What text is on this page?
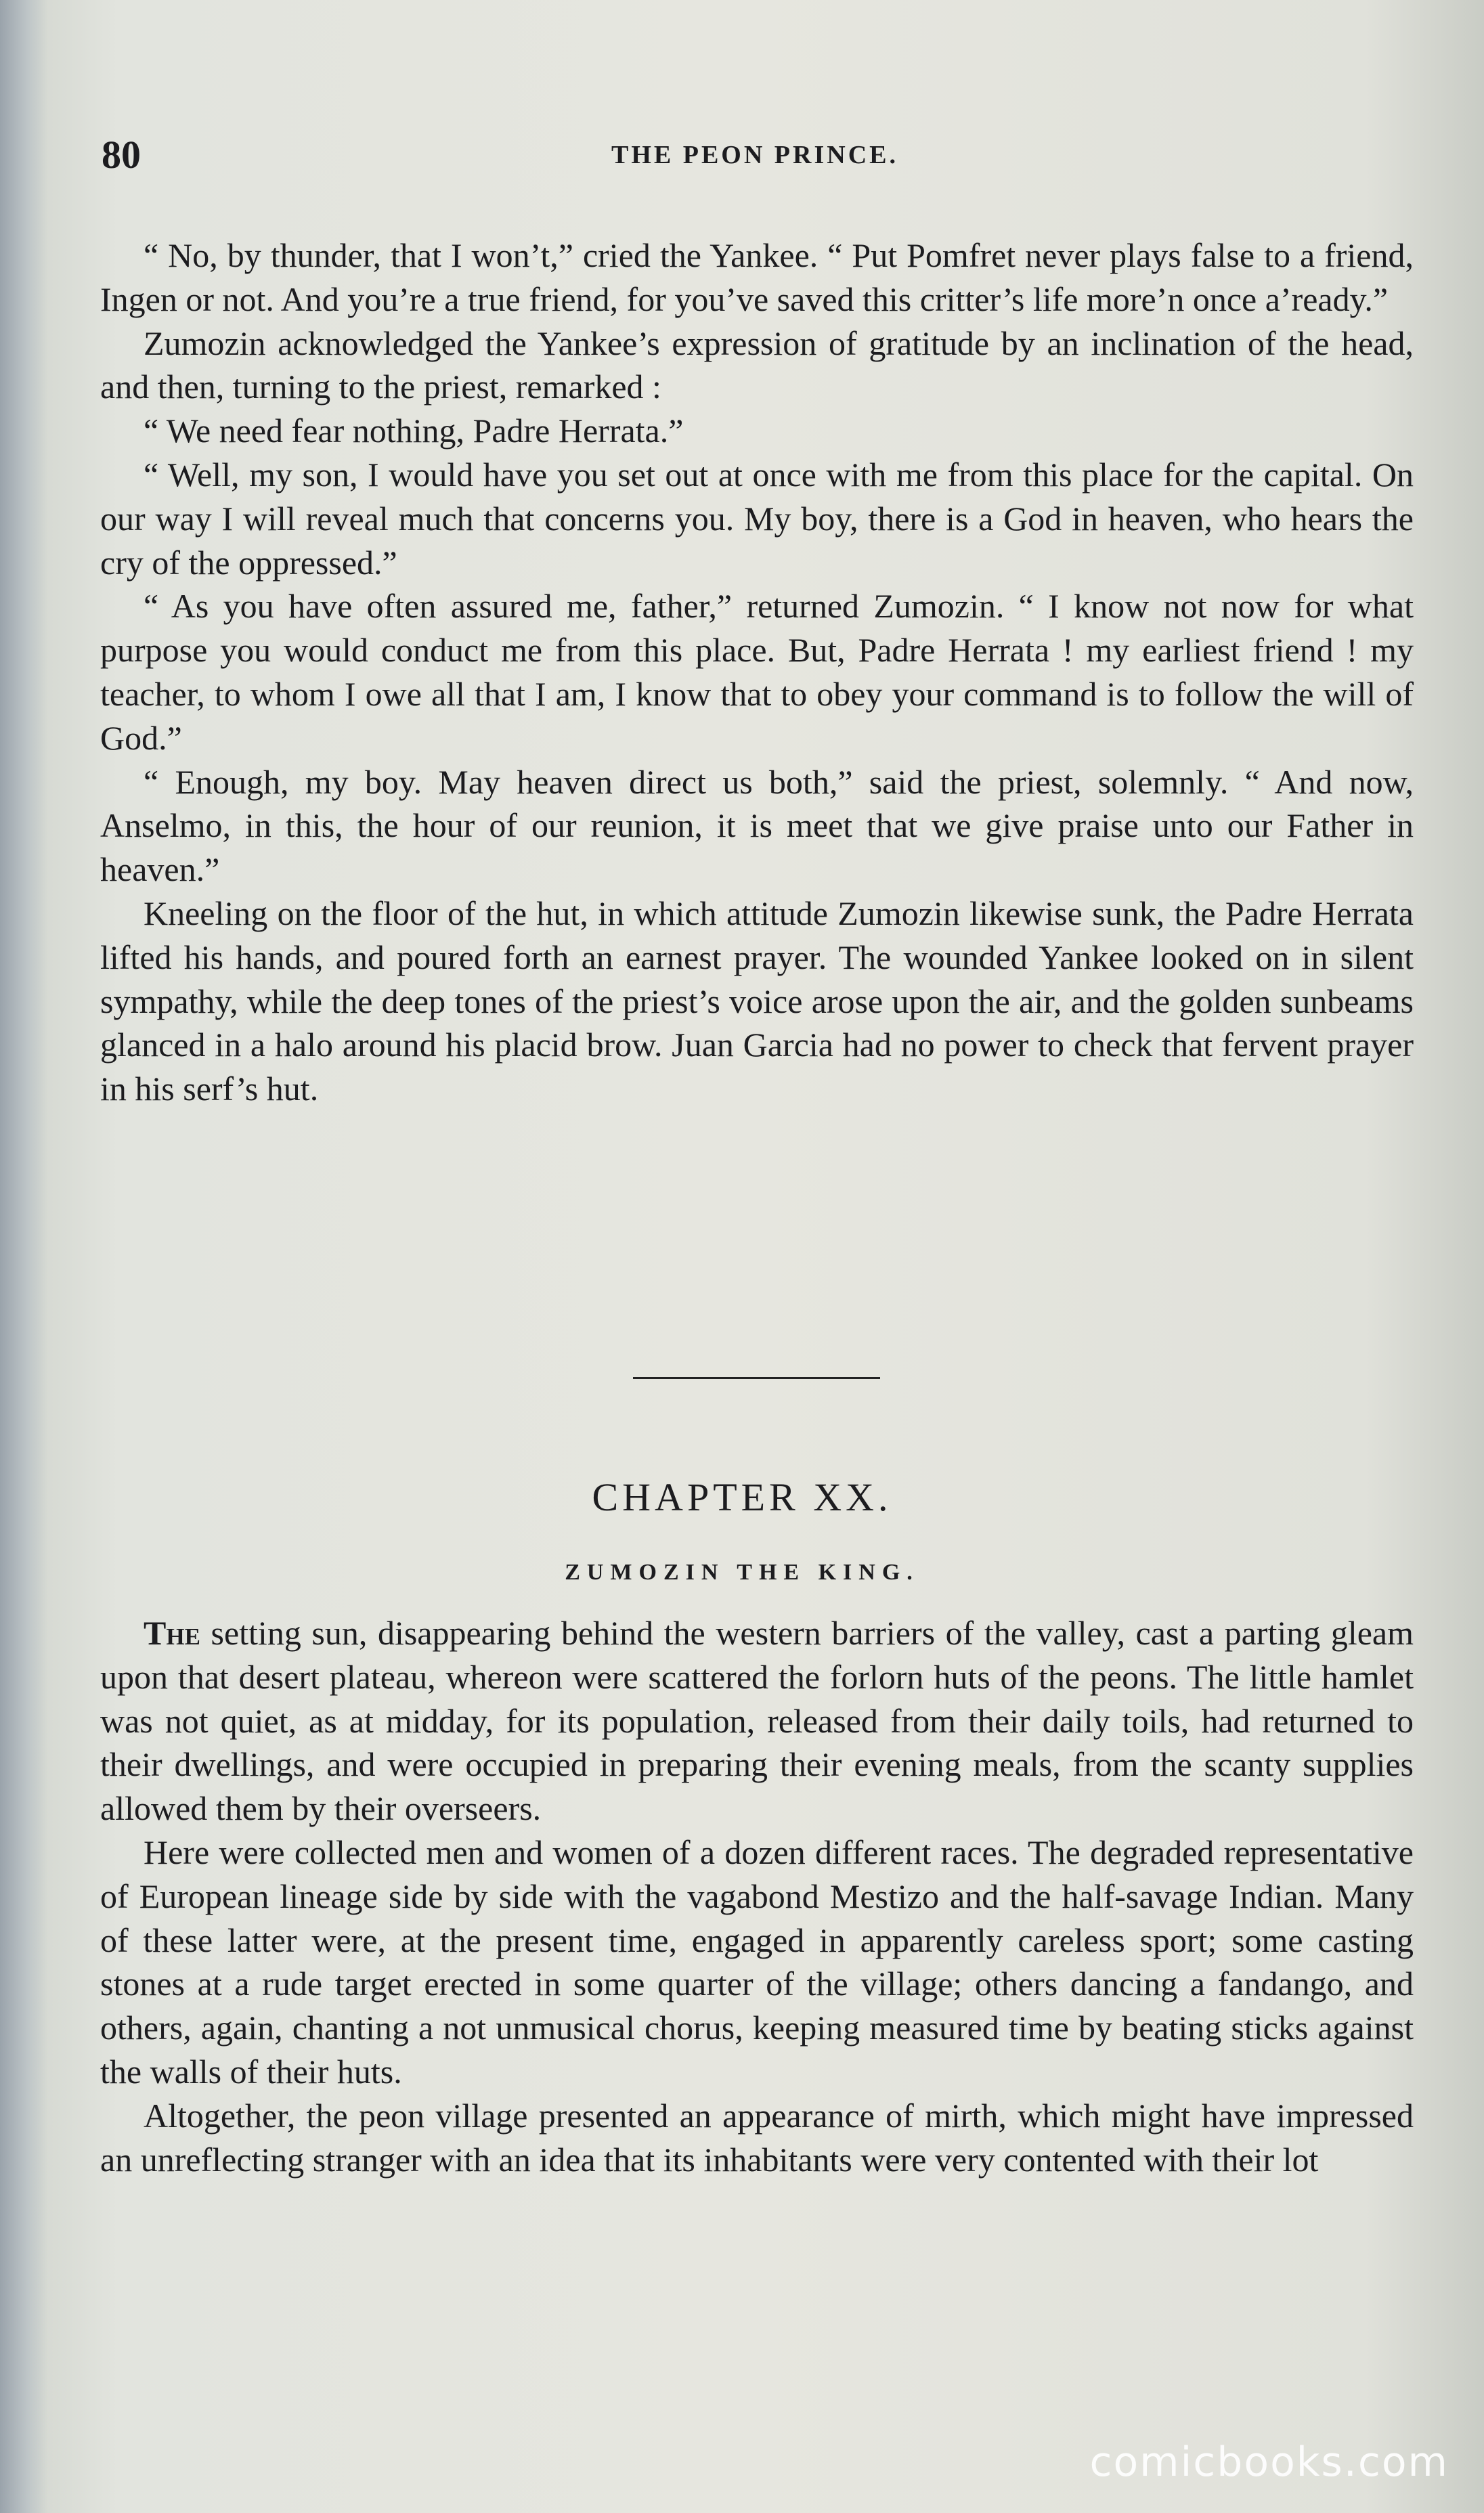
80	THE PEON PRINCE.

“ No, by thunder, that I won’t,” cried the Yankee. “ Put Pomfret never plays false to a friend, Ingen or not. And you’re a true friend, for you’ve saved this critter’s life more’n once a’ready.”

Zumozin acknowledged the Yankee’s expression of gratitude by an inclination of the head, and then, turning to the priest, remarked :

“ We need fear nothing, Padre Herrata.”

“ Well, my son, I would have you set out at once with me from this place for the capital. On our way I will reveal much that concerns you. My boy, there is a God in heaven, who hears the cry of the oppressed.”

“ As you have often assured me, father,” returned Zumozin. “ I know not now for what purpose you would conduct me from this place. But, Padre Herrata ! my earliest friend ! my teacher, to whom I owe all that I am, I know that to obey your command is to follow the will of God.”

“ Enough, my boy. May heaven direct us both,” said the priest, solemnly. “ And now, Anselmo, in this, the hour of our reunion, it is meet that we give praise unto our Father in heaven.”

Kneeling on the floor of the hut, in which attitude Zumozin likewise sunk, the Padre Herrata lifted his hands, and poured forth an earnest prayer. The wounded Yankee looked on in silent sympathy, while the deep tones of the priest’s voice arose upon the air, and the golden sunbeams glanced in a halo around his placid brow. Juan Garcia had no power to check that fervent prayer in his serf’s hut.

CHAPTER XX.
ZUMOZIN THE KING.

The setting sun, disappearing behind the western barriers of the valley, cast a parting gleam upon that desert plateau, whereon were scattered the forlorn huts of the peons. The little hamlet was not quiet, as at midday, for its population, released from their daily toils, had returned to their dwellings, and were occupied in preparing their evening meals, from the scanty supplies allowed them by their overseers.

Here were collected men and women of a dozen different races. The degraded representative of European lineage side by side with the vagabond Mestizo and the half-savage Indian. Many of these latter were, at the present time, engaged in apparently careless sport; some casting stones at a rude target erected in some quarter of the village; others dancing a fandango, and others, again, chanting a not unmusical chorus, keeping measured time by beating sticks against the walls of their huts.

Altogether, the peon village presented an appearance of mirth, which might have impressed an unreflecting stranger with an idea that its inhabitants were very contented with their lot

comicbooks.com
